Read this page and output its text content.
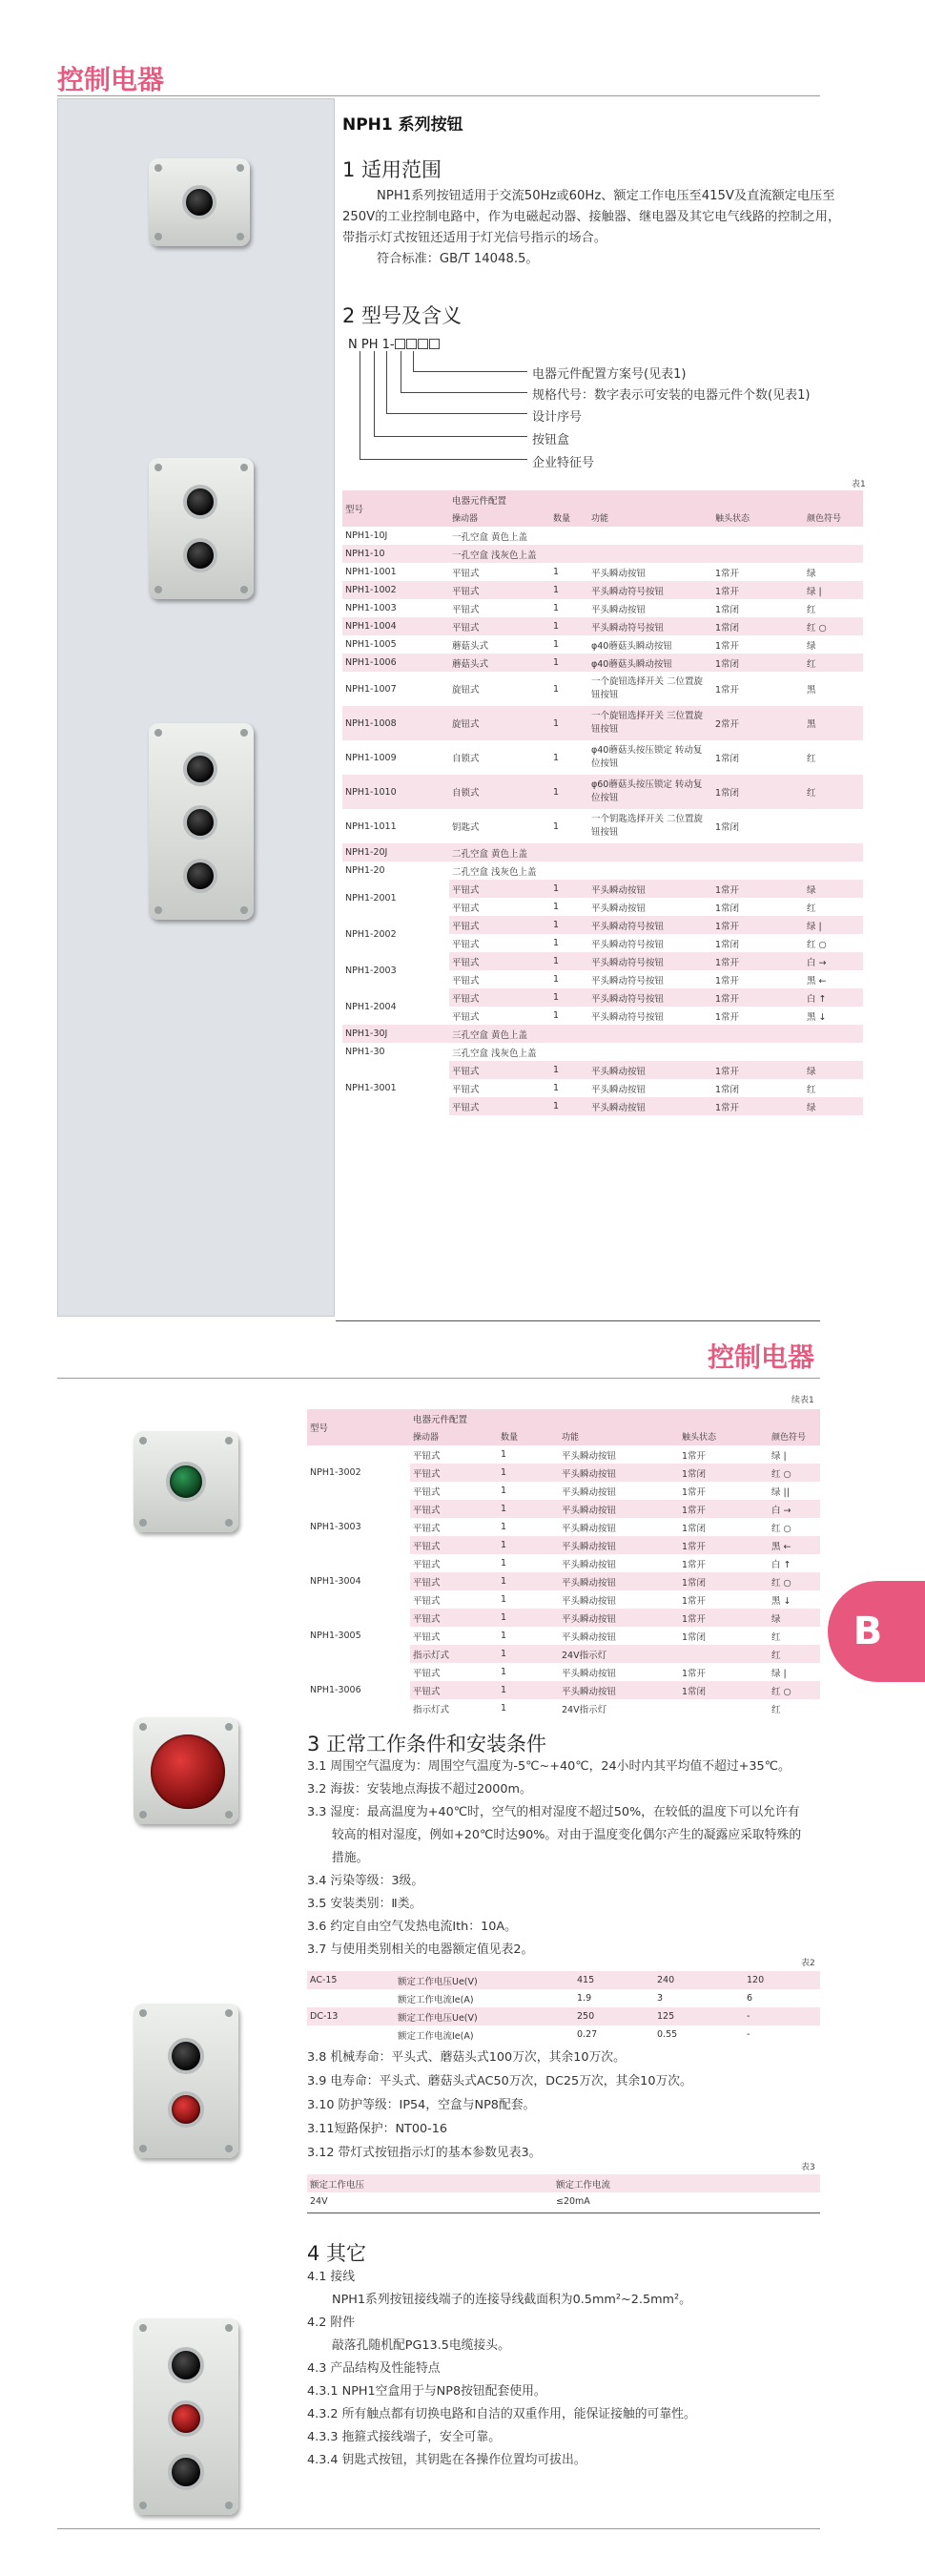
控制电器
NPH1 系列按钮
1 适用范围
NPH1系列按钮适用于交流50Hz或60Hz、额定工作电压至415V及直流额定电压至
250V的工业控制电路中，作为电磁起动器、接触器、继电器及其它电气线路的控制之用，
带指示灯式按钮还适用于灯光信号指示的场合。
符合标准：GB/T 14048.5。
2 型号及含义
N PH 1-
电器元件配置方案号(见表1)
规格代号：数字表示可安装的电器元件个数(见表1)
设计序号
按钮盒
企业特征号
表1
型号	电器元件配置				
	操动器	数量	功能	触头状态	颜色符号
NPH1-10J	一孔空盒 黄色上盖				
NPH1-10	一孔空盒 浅灰色上盖				
NPH1-1001	平钮式	1	平头瞬动按钮	1常开	绿
NPH1-1002	平钮式	1	平头瞬动符号按钮	1常开	绿 |
NPH1-1003	平钮式	1	平头瞬动按钮	1常闭	红
NPH1-1004	平钮式	1	平头瞬动符号按钮	1常闭	红 ○
NPH1-1005	蘑菇头式	1	φ40蘑菇头瞬动按钮	1常开	绿
NPH1-1006	蘑菇头式	1	φ40蘑菇头瞬动按钮	1常闭	红
NPH1-1007	旋钮式	1	一个旋钮选择开关 二位置旋钮按钮	1常开	黑
NPH1-1008	旋钮式	1	一个旋钮选择开关 三位置旋钮按钮	2常开	黑
NPH1-1009	自锁式	1	φ40蘑菇头按压锁定 转动复位按钮	1常闭	红
NPH1-1010	自锁式	1	φ60蘑菇头按压锁定 转动复位按钮	1常闭	红
NPH1-1011	钥匙式	1	一个钥匙选择开关 二位置旋钮按钮	1常闭	
NPH1-20J	二孔空盒 黄色上盖				
NPH1-20	二孔空盒 浅灰色上盖				
NPH1-2001	平钮式	1	平头瞬动按钮	1常开	绿
	平钮式	1	平头瞬动按钮	1常闭	红
NPH1-2002	平钮式	1	平头瞬动符号按钮	1常开	绿 |
	平钮式	1	平头瞬动符号按钮	1常闭	红 ○
NPH1-2003	平钮式	1	平头瞬动符号按钮	1常开	白 →
	平钮式	1	平头瞬动符号按钮	1常开	黑 ←
NPH1-2004	平钮式	1	平头瞬动符号按钮	1常开	白 ↑
	平钮式	1	平头瞬动符号按钮	1常开	黑 ↓
NPH1-30J	三孔空盒 黄色上盖				
NPH1-30	三孔空盒 浅灰色上盖				
NPH1-3001	平钮式	1	平头瞬动按钮	1常开	绿
	平钮式	1	平头瞬动按钮	1常闭	红
	平钮式	1	平头瞬动按钮	1常开	绿
控制电器
续表1
型号	电器元件配置				
	操动器	数量	功能	触头状态	颜色符号
NPH1-3002	平钮式	1	平头瞬动按钮	1常开	绿 |
	平钮式	1	平头瞬动按钮	1常闭	红 ○
	平钮式	1	平头瞬动按钮	1常开	绿 ||
NPH1-3003	平钮式	1	平头瞬动按钮	1常开	白 →
	平钮式	1	平头瞬动按钮	1常闭	红 ○
	平钮式	1	平头瞬动按钮	1常开	黑 ←
NPH1-3004	平钮式	1	平头瞬动按钮	1常开	白 ↑
	平钮式	1	平头瞬动按钮	1常闭	红 ○
	平钮式	1	平头瞬动按钮	1常开	黑 ↓
NPH1-3005	平钮式	1	平头瞬动按钮	1常开	绿
	平钮式	1	平头瞬动按钮	1常闭	红
	指示灯式	1	24V指示灯		红
NPH1-3006	平钮式	1	平头瞬动按钮	1常开	绿 |
	平钮式	1	平头瞬动按钮	1常闭	红 ○
	指示灯式	1	24V指示灯		红
B
3 正常工作条件和安装条件
3.1 周围空气温度为：周围空气温度为-5℃~+40℃，24小时内其平均值不超过+35℃。
3.2 海拔：安装地点海拔不超过2000m。
3.3 湿度：最高温度为+40℃时，空气的相对湿度不超过50%，在较低的温度下可以允许有
较高的相对湿度，例如+20℃时达90%。对由于温度变化偶尔产生的凝露应采取特殊的
措施。
3.4 污染等级：3级。
3.5 安装类别：Ⅱ类。
3.6 约定自由空气发热电流Ith：10A。
3.7 与使用类别相关的电器额定值见表2。
表2
AC-15	额定工作电压Ue(V)	415	240	120
	额定工作电流Ie(A)	1.9	3	6
DC-13	额定工作电压Ue(V)	250	125	-
	额定工作电流Ie(A)	0.27	0.55	-
3.8 机械寿命：平头式、蘑菇头式100万次，其余10万次。
3.9 电寿命：平头式、蘑菇头式AC50万次，DC25万次，其余10万次。
3.10 防护等级：IP54，空盒与NP8配套。
3.11短路保护：NT00-16
3.12 带灯式按钮指示灯的基本参数见表3。
表3
额定工作电压	额定工作电流
24V	≤20mA
4 其它
4.1 接线
NPH1系列按钮接线端子的连接导线截面积为0.5mm²~2.5mm²。
4.2 附件
敲落孔随机配PG13.5电缆接头。
4.3 产品结构及性能特点
4.3.1 NPH1空盒用于与NP8按钮配套使用。
4.3.2 所有触点都有切换电路和自洁的双重作用，能保证接触的可靠性。
4.3.3 拖箍式接线端子，安全可靠。
4.3.4 钥匙式按钮，其钥匙在各操作位置均可拔出。
